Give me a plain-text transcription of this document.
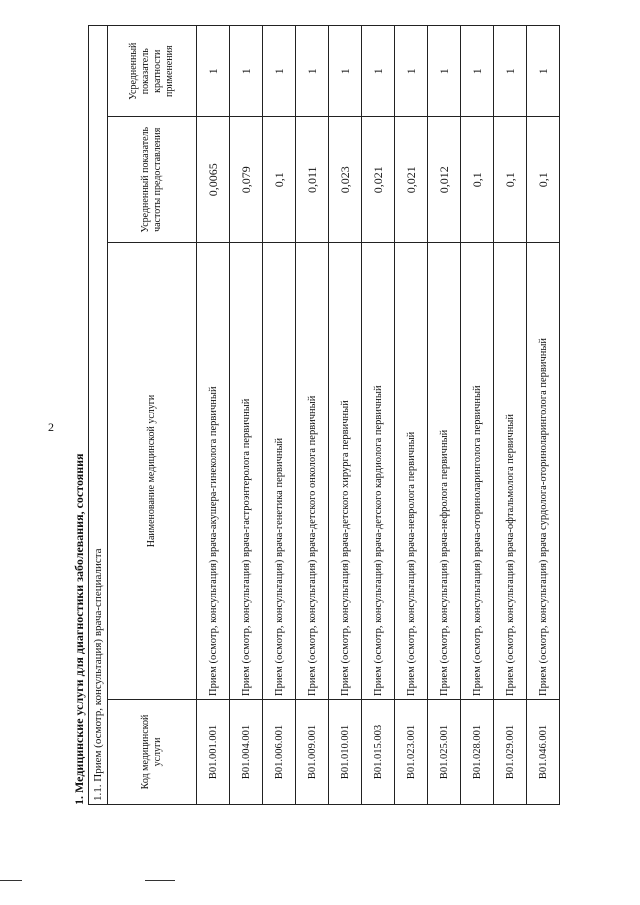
2
1. Медицинские услуги для диагностики заболевания, состояния 1.1. Прием (осмотр, консультация) врача-специалиста			
Код медицинской услуги	Наименование медицинской услуги	Усредненный показатель частоты предоставления	Усредненный показатель кратности применения
B01.001.001	Прием (осмотр, консультация) врача-акушера-гинеколога первичный	0,0065	1
B01.004.001	Прием (осмотр, консультация) врача-гастроэнтеролога первичный	0,079	1
B01.006.001	Прием (осмотр, консультация) врача-генетика первичный	0,1	1
B01.009.001	Прием (осмотр, консультация) врача-детского онколога первичный	0,011	1
B01.010.001	Прием (осмотр, консультация) врача-детского хирурга первичный	0,023	1
B01.015.003	Прием (осмотр, консультация) врача-детского кардиолога первичный	0,021	1
B01.023.001	Прием (осмотр, консультация) врача-невролога первичный	0,021	1
B01.025.001	Прием (осмотр, консультация) врача-нефролога первичный	0,012	1
B01.028.001	Прием (осмотр, консультация) врача-оториноларинголога первичный	0,1	1
B01.029.001	Прием (осмотр, консультация) врача-офтальмолога первичный	0,1	1
B01.046.001	Прием (осмотр, консультация) врача сурдолога-оториноларинголога первичный	0,1	1
